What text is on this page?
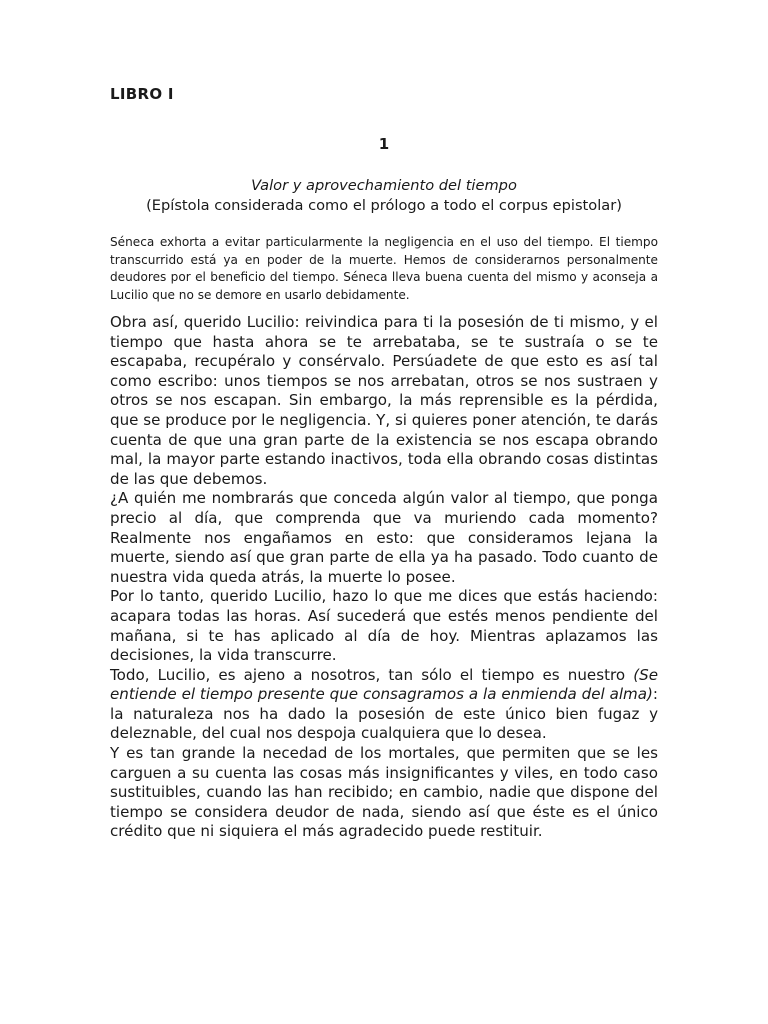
LIBRO I
1
Valor y aprovechamiento del tiempo
(Epístola considerada como el prólogo a todo el corpus epistolar)

Séneca exhorta a evitar particularmente la negligencia en el uso del tiempo. El tiempo transcurrido está ya en poder de la muerte. Hemos de considerarnos personalmente deudores por el beneficio del tiempo. Séneca lleva buena cuenta del mismo y aconseja a Lucilio que no se demore en usarlo debidamente.

Obra así, querido Lucilio: reivindica para ti la posesión de ti mismo, y el tiempo que hasta ahora se te arrebataba, se te sustraía o se te escapaba, recupéralo y consérvalo. Persúadete de que esto es así tal como escribo: unos tiempos se nos arrebatan, otros se nos sustraen y otros se nos escapan. Sin embargo, la más reprensible es la pérdida, que se produce por le negligencia. Y, si quieres poner atención, te darás cuenta de que una gran parte de la existencia se nos escapa obrando mal, la mayor parte estando inactivos, toda ella obrando cosas distintas de las que debemos.

¿A quién me nombrarás que conceda algún valor al tiempo, que ponga precio al día, que comprenda que va muriendo cada momento? Realmente nos engañamos en esto: que consideramos lejana la muerte, siendo así que gran parte de ella ya ha pasado. Todo cuanto de nuestra vida queda atrás, la muerte lo posee.

Por lo tanto, querido Lucilio, hazo lo que me dices que estás haciendo: acapara todas las horas. Así sucederá que estés menos pendiente del mañana, si te has aplicado al día de hoy. Mientras aplazamos las decisiones, la vida transcurre.

Todo, Lucilio, es ajeno a nosotros, tan sólo el tiempo es nuestro (Se entiende el tiempo presente que consagramos a la enmienda del alma): la naturaleza nos ha dado la posesión de este único bien fugaz y deleznable, del cual nos despoja cualquiera que lo desea.

Y es tan grande la necedad de los mortales, que permiten que se les carguen a su cuenta las cosas más insignificantes y viles, en todo caso sustituibles, cuando las han recibido; en cambio, nadie que dispone del tiempo se considera deudor de nada, siendo así que éste es el único crédito que ni siquiera el más agradecido puede restituir.
